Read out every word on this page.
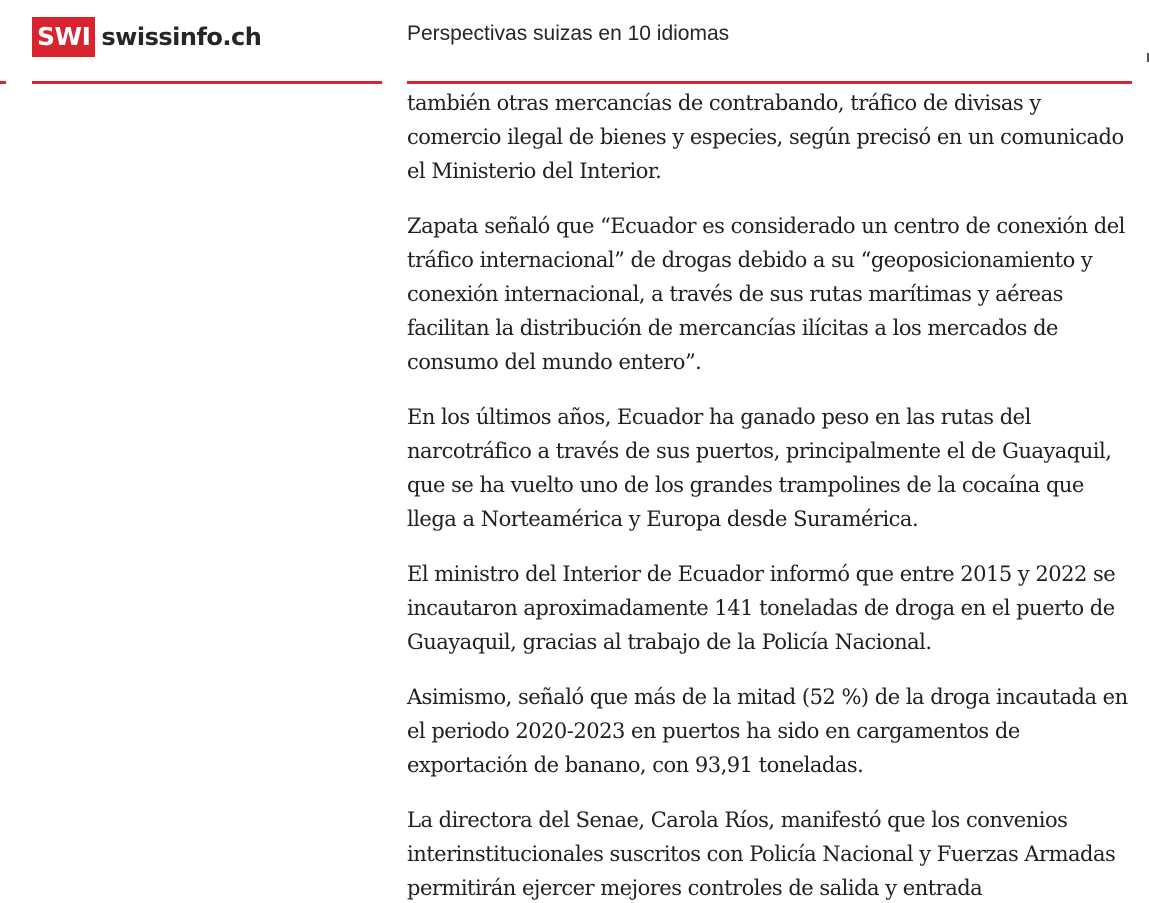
SWI swissinfo.ch	Perspectivas suizas en 10 idiomas

también otras mercancías de contrabando, tráfico de divisas y comercio ilegal de bienes y especies, según precisó en un comunicado el Ministerio del Interior.

Zapata señaló que “Ecuador es considerado un centro de conexión del tráfico internacional” de drogas debido a su “geoposicionamiento y conexión internacional, a través de sus rutas marítimas y aéreas facilitan la distribución de mercancías ilícitas a los mercados de consumo del mundo entero”.

En los últimos años, Ecuador ha ganado peso en las rutas del narcotráfico a través de sus puertos, principalmente el de Guayaquil, que se ha vuelto uno de los grandes trampolines de la cocaína que llega a Norteamérica y Europa desde Suramérica.

El ministro del Interior de Ecuador informó que entre 2015 y 2022 se incautaron aproximadamente 141 toneladas de droga en el puerto de Guayaquil, gracias al trabajo de la Policía Nacional.

Asimismo, señaló que más de la mitad (52 %) de la droga incautada en el periodo 2020-2023 en puertos ha sido en cargamentos de exportación de banano, con 93,91 toneladas.

La directora del Senae, Carola Ríos, manifestó que los convenios interinstitucionales suscritos con Policía Nacional y Fuerzas Armadas permitirán ejercer mejores controles de salida y entrada
